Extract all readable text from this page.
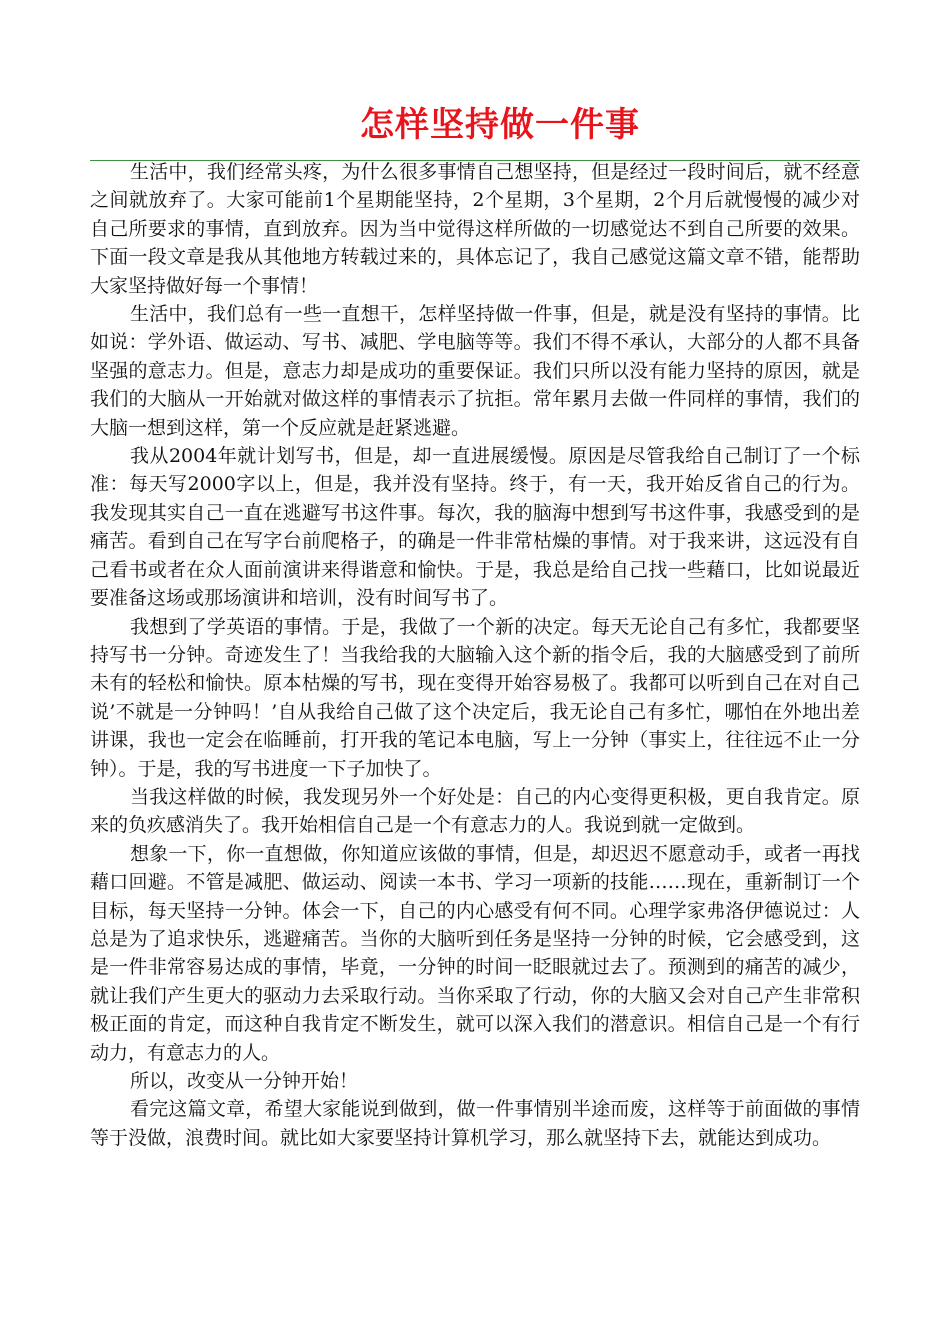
怎样坚持做一件事

生活中，我们经常头疼，为什么很多事情自己想坚持，但是经过一段时间后，就不经意之间就放弃了。大家可能前1个星期能坚持，2个星期，3个星期，2个月后就慢慢的减少对自己所要求的事情，直到放弃。因为当中觉得这样所做的一切感觉达不到自己所要的效果。下面一段文章是我从其他地方转载过来的，具体忘记了，我自己感觉这篇文章不错，能帮助大家坚持做好每一个事情！

生活中，我们总有一些一直想干，怎样坚持做一件事，但是，就是没有坚持的事情。比如说：学外语、做运动、写书、减肥、学电脑等等。我们不得不承认，大部分的人都不具备坚强的意志力。但是，意志力却是成功的重要保证。我们只所以没有能力坚持的原因，就是我们的大脑从一开始就对做这样的事情表示了抗拒。常年累月去做一件同样的事情，我们的大脑一想到这样，第一个反应就是赶紧逃避。

我从2004年就计划写书，但是，却一直进展缓慢。原因是尽管我给自己制订了一个标准：每天写2000字以上，但是，我并没有坚持。终于，有一天，我开始反省自己的行为。我发现其实自己一直在逃避写书这件事。每次，我的脑海中想到写书这件事，我感受到的是痛苦。看到自己在写字台前爬格子，的确是一件非常枯燥的事情。对于我来讲，这远没有自己看书或者在众人面前演讲来得谐意和愉快。于是，我总是给自己找一些藉口，比如说最近要准备这场或那场演讲和培训，没有时间写书了。

我想到了学英语的事情。于是，我做了一个新的决定。每天无论自己有多忙，我都要坚持写书一分钟。奇迹发生了！当我给我的大脑输入这个新的指令后，我的大脑感受到了前所未有的轻松和愉快。原本枯燥的写书，现在变得开始容易极了。我都可以听到自己在对自己说’不就是一分钟吗！’自从我给自己做了这个决定后，我无论自己有多忙，哪怕在外地出差讲课，我也一定会在临睡前，打开我的笔记本电脑，写上一分钟（事实上，往往远不止一分钟）。于是，我的写书进度一下子加快了。

当我这样做的时候，我发现另外一个好处是：自己的内心变得更积极，更自我肯定。原来的负疚感消失了。我开始相信自己是一个有意志力的人。我说到就一定做到。

想象一下，你一直想做，你知道应该做的事情，但是，却迟迟不愿意动手，或者一再找藉口回避。不管是减肥、做运动、阅读一本书、学习一项新的技能……现在，重新制订一个目标，每天坚持一分钟。体会一下，自己的内心感受有何不同。心理学家弗洛伊德说过：人总是为了追求快乐，逃避痛苦。当你的大脑听到任务是坚持一分钟的时候，它会感受到，这是一件非常容易达成的事情，毕竟，一分钟的时间一眨眼就过去了。预测到的痛苦的减少，就让我们产生更大的驱动力去采取行动。当你采取了行动，你的大脑又会对自己产生非常积极正面的肯定，而这种自我肯定不断发生，就可以深入我们的潜意识。相信自己是一个有行动力，有意志力的人。

所以，改变从一分钟开始！

看完这篇文章，希望大家能说到做到，做一件事情别半途而废，这样等于前面做的事情等于没做，浪费时间。就比如大家要坚持计算机学习，那么就坚持下去，就能达到成功。
